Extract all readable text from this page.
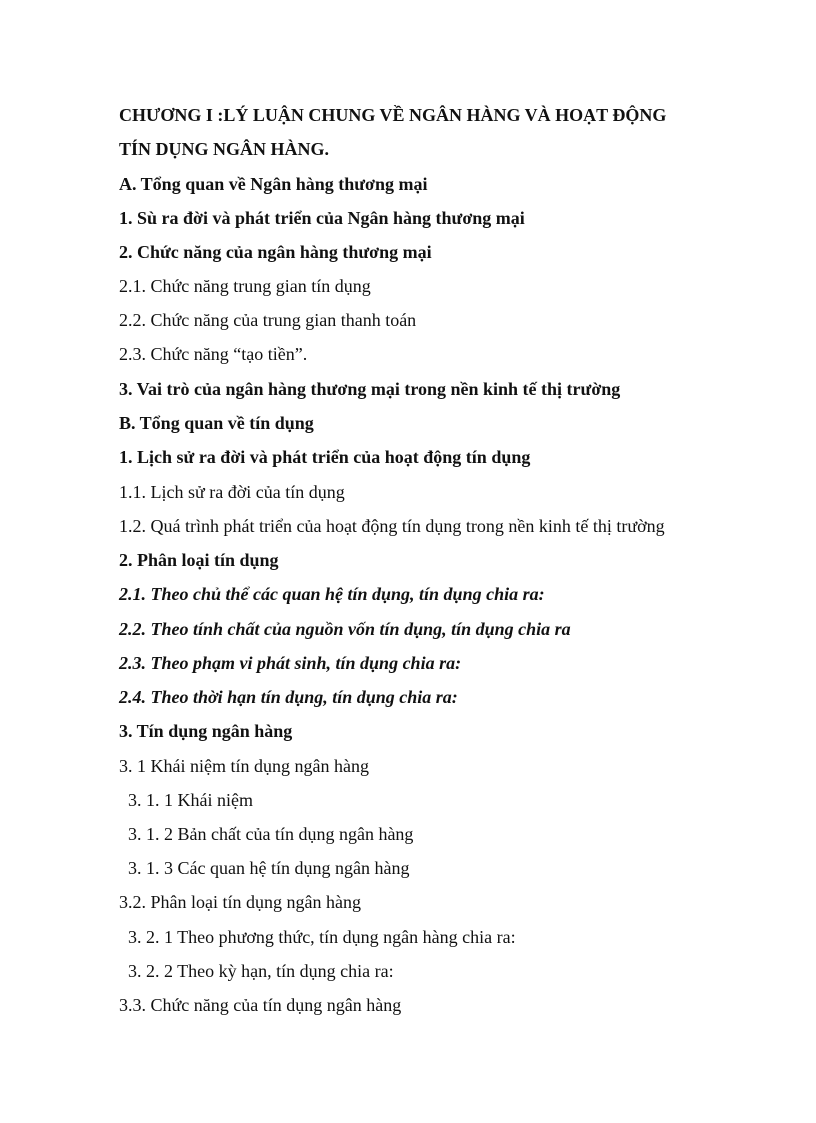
CHƯƠNG I :LÝ LUẬN CHUNG VỀ NGÂN HÀNG VÀ HOẠT ĐỘNG

TÍN DỤNG NGÂN HÀNG.

A. Tổng quan về Ngân hàng thương mại

1. Sù ra đời và phát triển của Ngân hàng thương mại

2. Chức năng của ngân hàng thương mại

2.1. Chức năng trung gian tín dụng

2.2. Chức năng của trung gian thanh toán

2.3. Chức năng “tạo tiền”.

3. Vai trò của ngân hàng thương mại trong nền kinh tế thị trường

B. Tổng quan về tín dụng

1. Lịch sử ra đời và phát triển của hoạt động tín dụng

1.1. Lịch sử ra đời của tín dụng

1.2. Quá trình phát triển của hoạt động tín dụng trong nền kinh tế thị trường

2. Phân loại tín dụng

2.1. Theo chủ thể các quan hệ tín dụng, tín dụng chia ra:

2.2. Theo tính chất của nguồn vốn tín dụng, tín dụng chia ra

2.3. Theo phạm vi phát sinh, tín dụng chia ra:

2.4. Theo thời hạn tín dụng, tín dụng chia ra:

3. Tín dụng ngân hàng

3. 1 Khái niệm tín dụng ngân hàng

3. 1. 1 Khái niệm

3. 1. 2 Bản chất của tín dụng ngân hàng

3. 1. 3 Các quan hệ tín dụng ngân hàng

3.2. Phân loại tín dụng ngân hàng

3. 2. 1 Theo phương thức, tín dụng ngân hàng chia ra:

3. 2. 2 Theo kỳ hạn, tín dụng chia ra:

3.3. Chức năng của tín dụng ngân hàng
